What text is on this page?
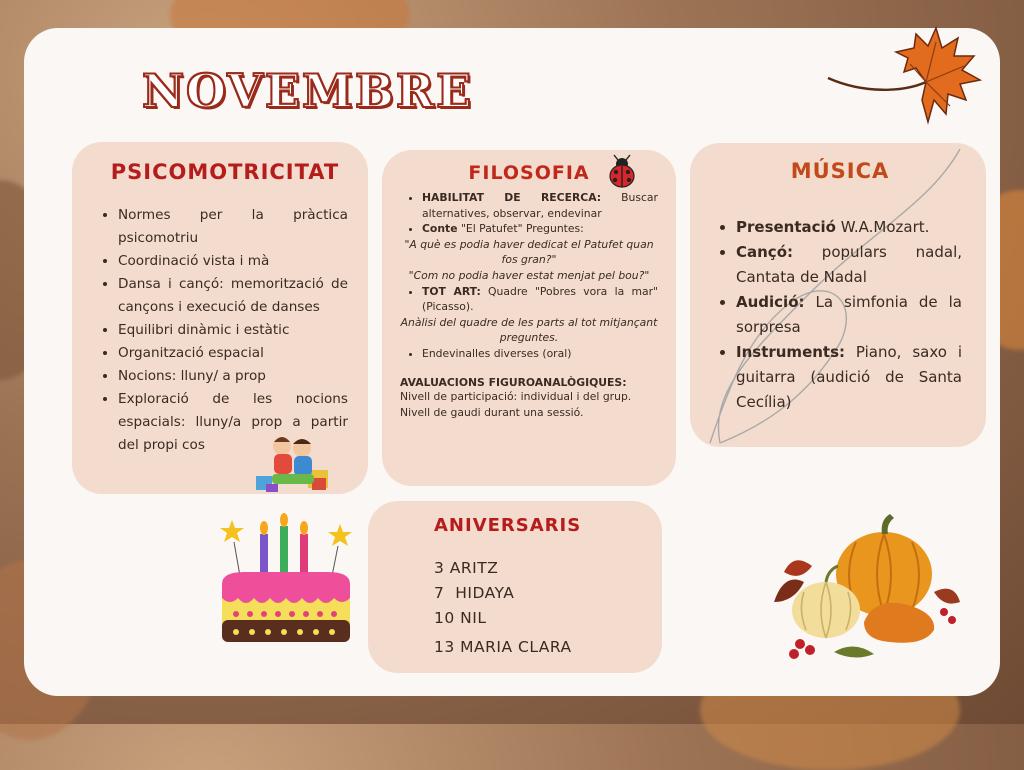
NOVEMBRE
PSICOMOTRICITAT
• Normes per la pràctica psicomotriu
• Coordinació vista i mà
• Dansa i cançó: memorització de cançons i execució de danses
• Equilibri dinàmic i estàtic
• Organització espacial
• Nocions: lluny/ a prop
• Exploració de les nocions espacials: lluny/a prop a partir del propi cos
FILOSOFIA
• HABILITAT DE RECERCA: Buscar alternatives, observar, endevinar
• Conte "El Patufet" Preguntes:
"A què es podia haver dedicat el Patufet quan fos gran?"
"Com no podia haver estat menjat pel bou?"
• TOT ART: Quadre "Pobres vora la mar" (Picasso).
Anàlisi del quadre de les parts al tot mitjançant preguntes.
• Endevinalles diverses (oral)
AVALUACIONS FIGUROANALÒGIQUES:
Nivell de participació: individual i del grup.
Nivell de gaudi durant una sessió.
MÚSICA
• Presentació W.A.Mozart.
• Cançó: populars nadal, Cantata de Nadal
• Audició: La simfonia de la sorpresa
• Instruments: Piano, saxo i guitarra (audició de Santa Cecília)
ANIVERSARIS
3 ARITZ
7  HIDAYA
10 NIL
13 MARIA CLARA
